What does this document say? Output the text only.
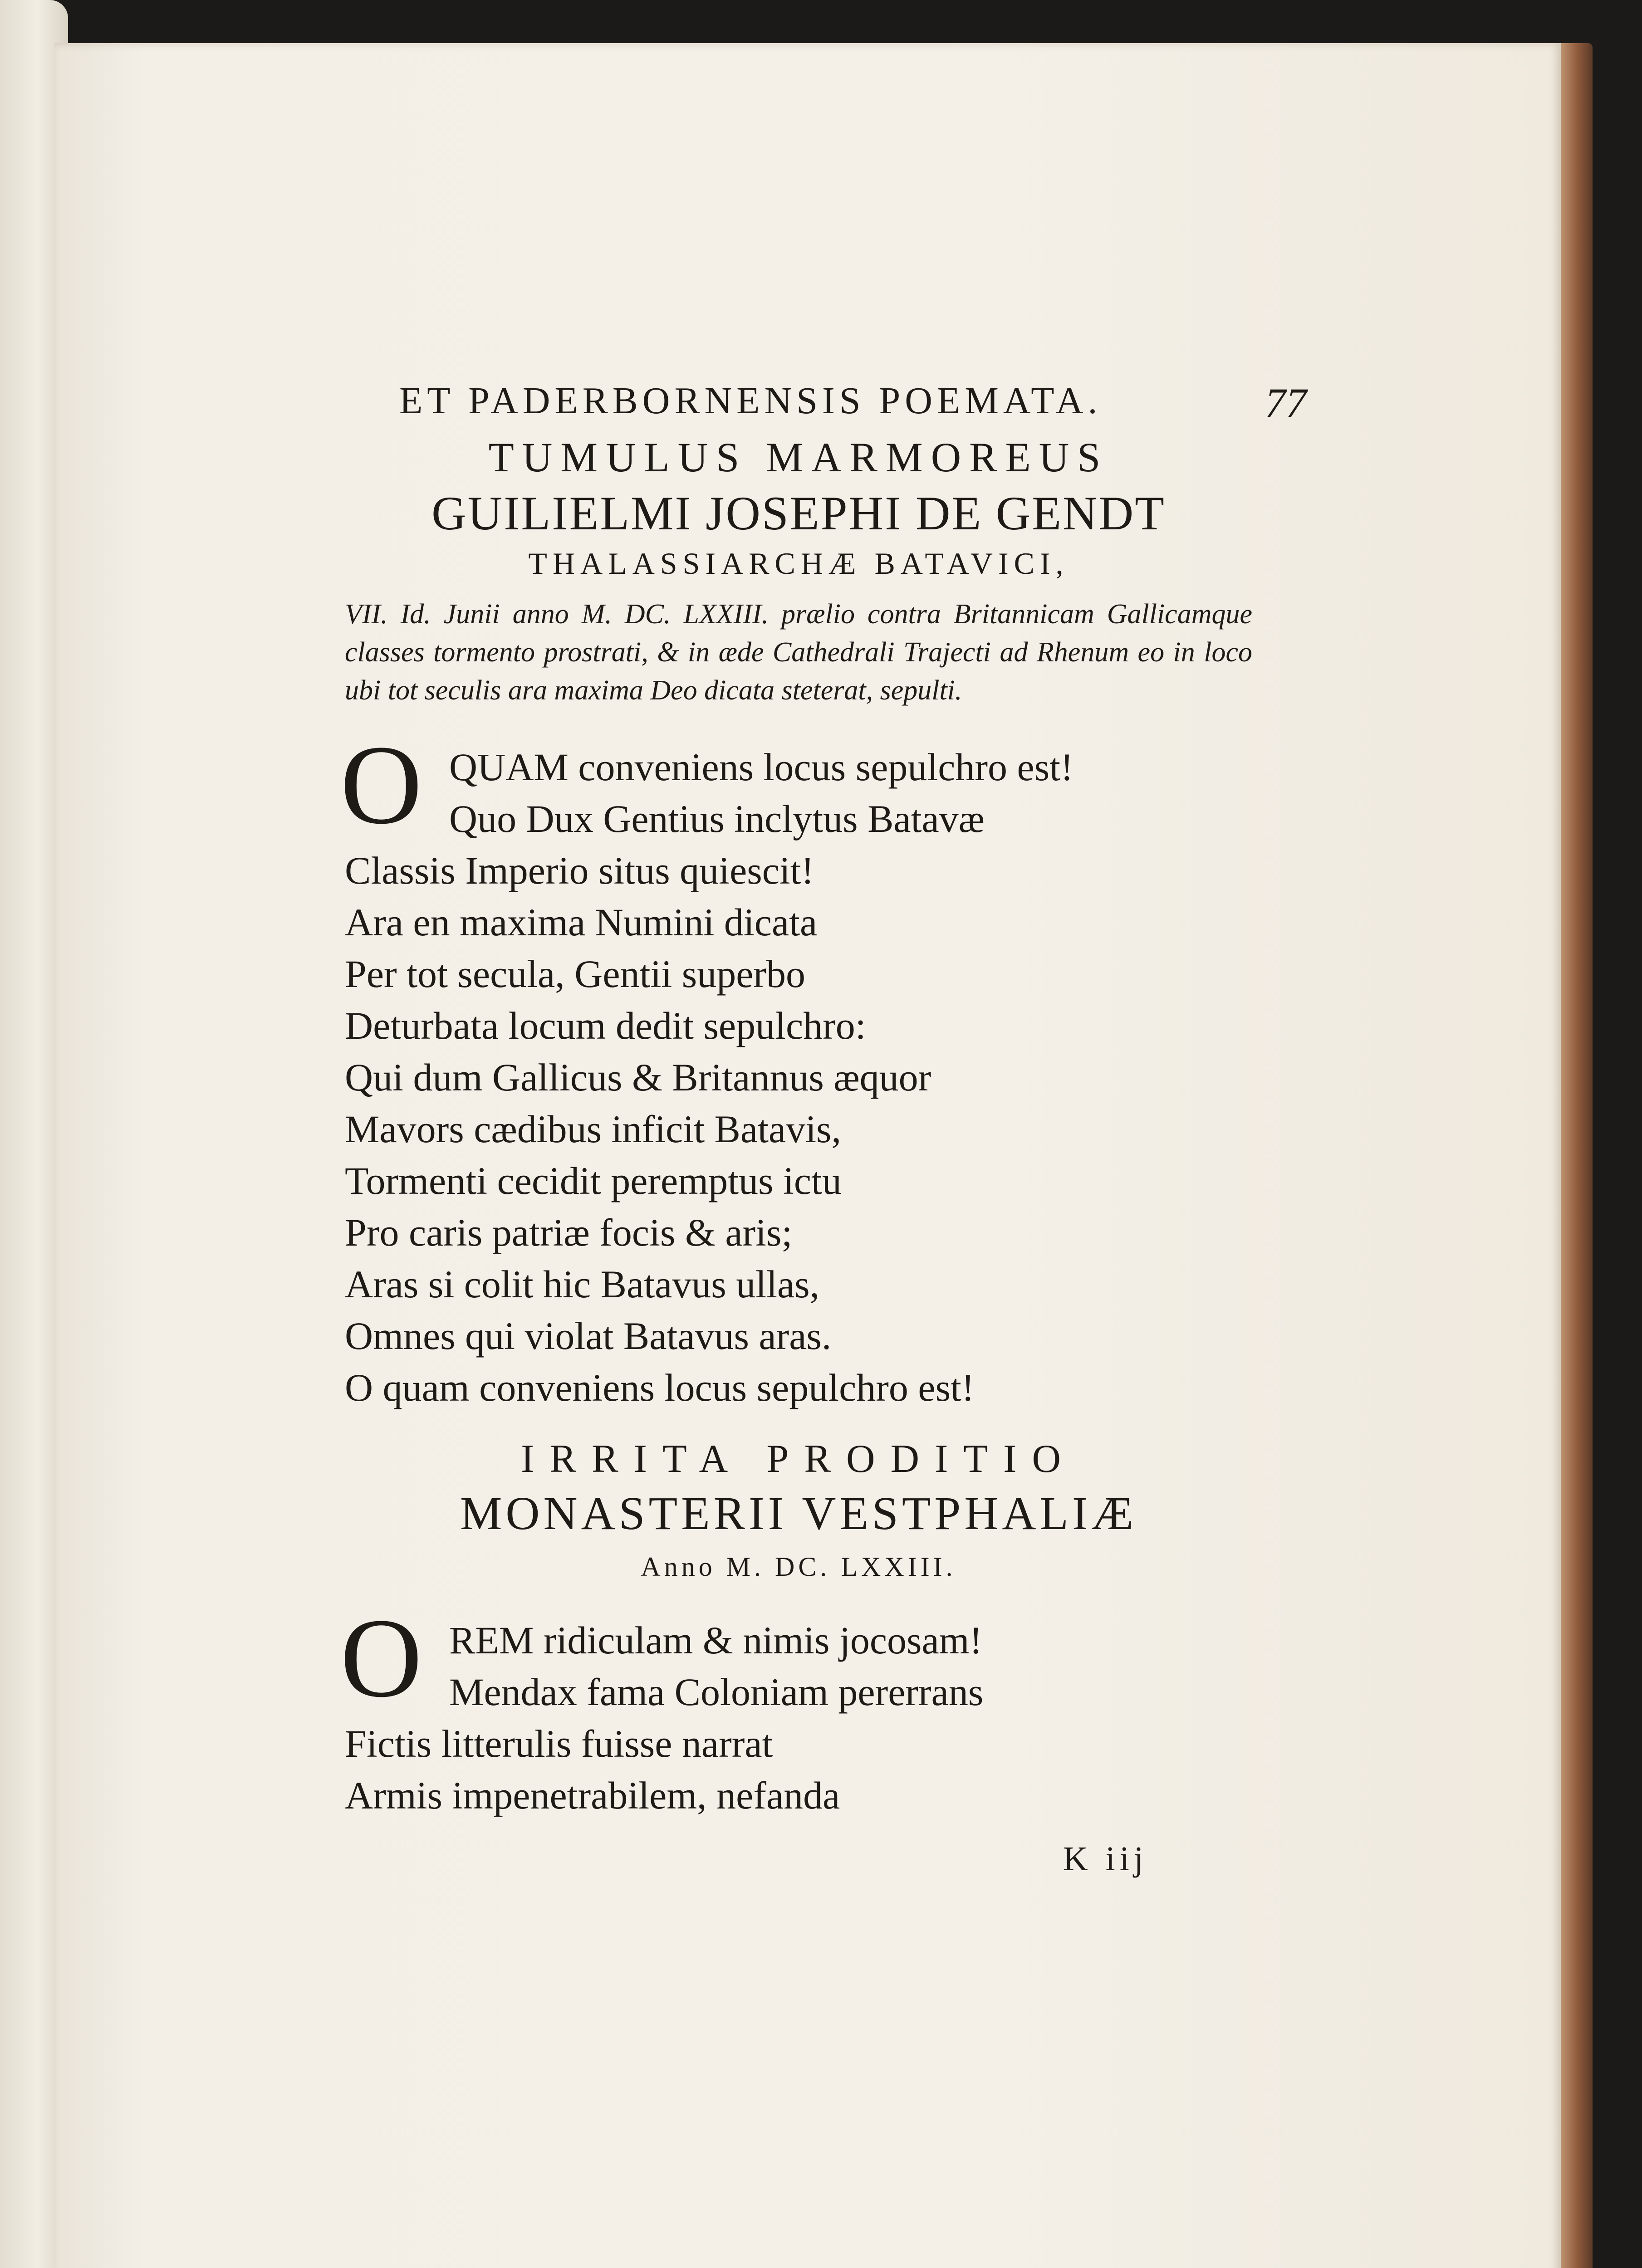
ET PADERBORNENSIS POEMATA.	77
TUMULUS MARMOREUS
GUILIELMI JOSEPHI DE GENDT
THALASSIARCHÆ BATAVICI,
VII. Id. Junii anno M. DC. LXXIII. prælio contra Britannicam Gallicamque classes tormento prostrati, & in æde Cathedrali Trajecti ad Rhenum eo in loco ubi tot seculis ara maxima Deo dicata steterat, sepulti.
O QUAM conveniens locus sepulchro est!
Quo Dux Gentius inclytus Batavæ
Classis Imperio situs quiescit!
Ara en maxima Numini dicata
Per tot secula, Gentii superbo
Deturbata locum dedit sepulchro:
Qui dum Gallicus & Britannus æquor
Mavors cædibus inficit Batavis,
Tormenti cecidit peremptus ictu
Pro caris patriæ focis & aris;
Aras si colit hic Batavus ullas,
Omnes qui violat Batavus aras.
O quam conveniens locus sepulchro est!
IRRITA PRODITIO
MONASTERII VESTPHALIÆ
Anno M. DC. LXXIII.
O REM ridiculam & nimis jocosam!
Mendax fama Coloniam pererrans
Fictis litterulis fuisse narrat
Armis impenetrabilem, nefanda
K iij
